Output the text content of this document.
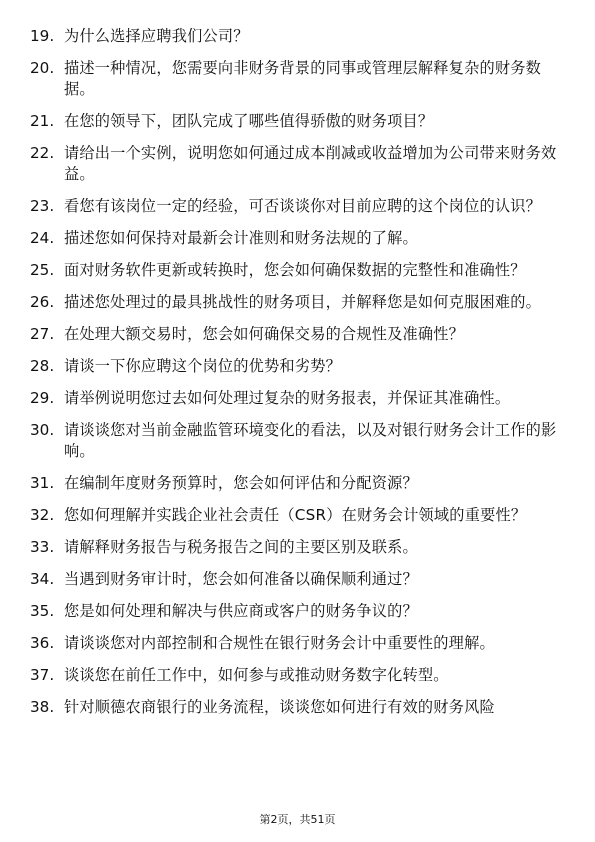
19. 为什么选择应聘我们公司？
20. 描述一种情况，您需要向非财务背景的同事或管理层解释复杂的财务数据。
21. 在您的领导下，团队完成了哪些值得骄傲的财务项目？
22. 请给出一个实例，说明您如何通过成本削减或收益增加为公司带来财务效益。
23. 看您有该岗位一定的经验，可否谈谈你对目前应聘的这个岗位的认识？
24. 描述您如何保持对最新会计准则和财务法规的了解。
25. 面对财务软件更新或转换时，您会如何确保数据的完整性和准确性？
26. 描述您处理过的最具挑战性的财务项目，并解释您是如何克服困难的。
27. 在处理大额交易时，您会如何确保交易的合规性及准确性？
28. 请谈一下你应聘这个岗位的优势和劣势？
29. 请举例说明您过去如何处理过复杂的财务报表，并保证其准确性。
30. 请谈谈您对当前金融监管环境变化的看法，以及对银行财务会计工作的影响。
31. 在编制年度财务预算时，您会如何评估和分配资源？
32. 您如何理解并实践企业社会责任（CSR）在财务会计领域的重要性？
33. 请解释财务报告与税务报告之间的主要区别及联系。
34. 当遇到财务审计时，您会如何准备以确保顺利通过？
35. 您是如何处理和解决与供应商或客户的财务争议的？
36. 请谈谈您对内部控制和合规性在银行财务会计中重要性的理解。
37. 谈谈您在前任工作中，如何参与或推动财务数字化转型。
38. 针对顺德农商银行的业务流程，谈谈您如何进行有效的财务风险
第2页，共51页
